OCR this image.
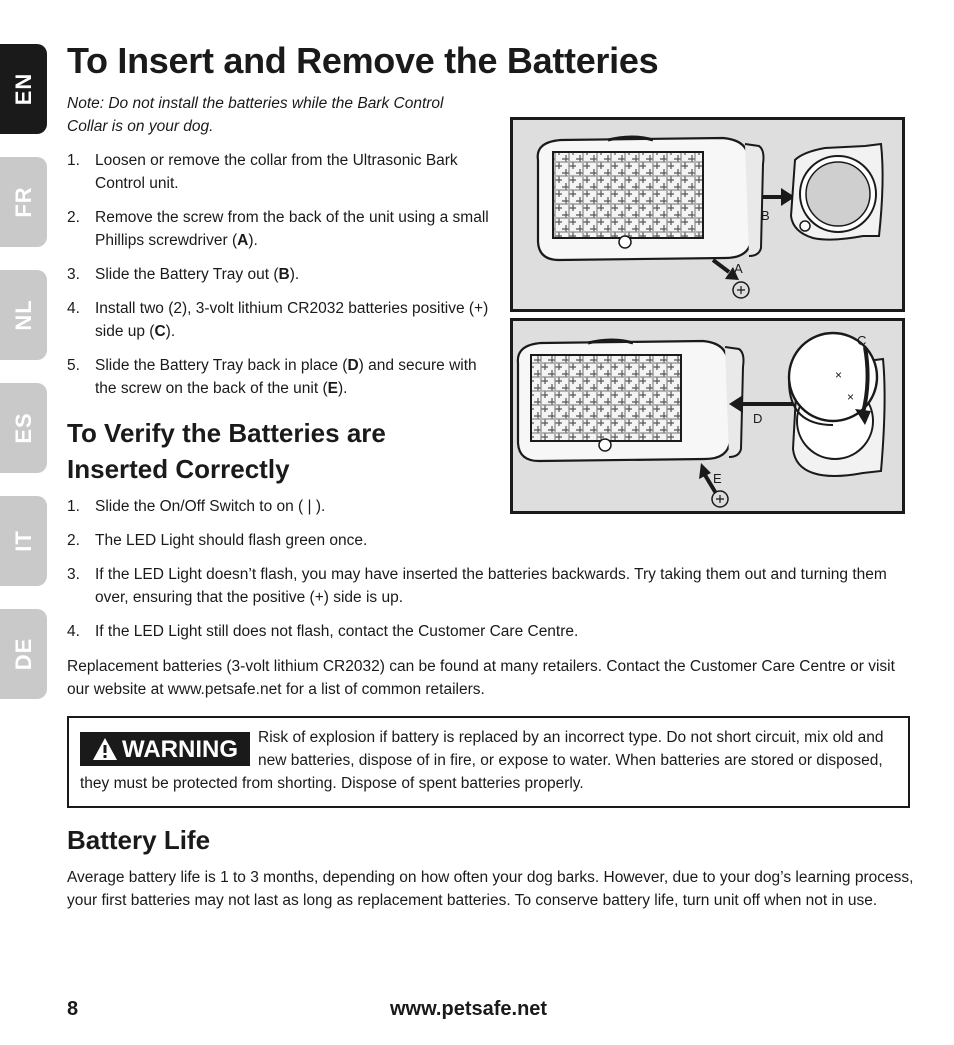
EN
FR
NL
ES
IT
DE
To Insert and Remove the Batteries
Note: Do not install the batteries while the Bark Control Collar is on your dog.
1. Loosen or remove the collar from the Ultrasonic Bark Control unit.
2. Remove the screw from the back of the unit using a small Phillips screwdriver (A).
3. Slide the Battery Tray out (B).
4. Install two (2), 3-volt lithium CR2032 batteries positive (+) side up (C).
5. Slide the Battery Tray back in place (D) and secure with the screw on the back of the unit (E).
To Verify the Batteries are Inserted Correctly
1. Slide the On/Off Switch to on ( | ).
2. The LED Light should flash green once.
3. If the LED Light doesn’t flash, you may have inserted the batteries backwards. Try taking them out and turning them over, ensuring that the positive (+) side is up.
4. If the LED Light still does not flash, contact the Customer Care Centre.
Replacement batteries (3-volt lithium CR2032) can be found at many retailers. Contact the Customer Care Centre or visit our website at www.petsafe.net for a list of common retailers.
WARNING Risk of explosion if battery is replaced by an incorrect type. Do not short circuit, mix old and new batteries, dispose of in fire, or expose to water. When batteries are stored or disposed, they must be protected from shorting. Dispose of spent batteries properly.
Battery Life
Average battery life is 1 to 3 months, depending on how often your dog barks. However, due to your dog’s learning process, your first batteries may not last as long as replacement batteries. To conserve battery life, turn unit off when not in use.
8	www.petsafe.net
B
A
×
×
C
D
E
